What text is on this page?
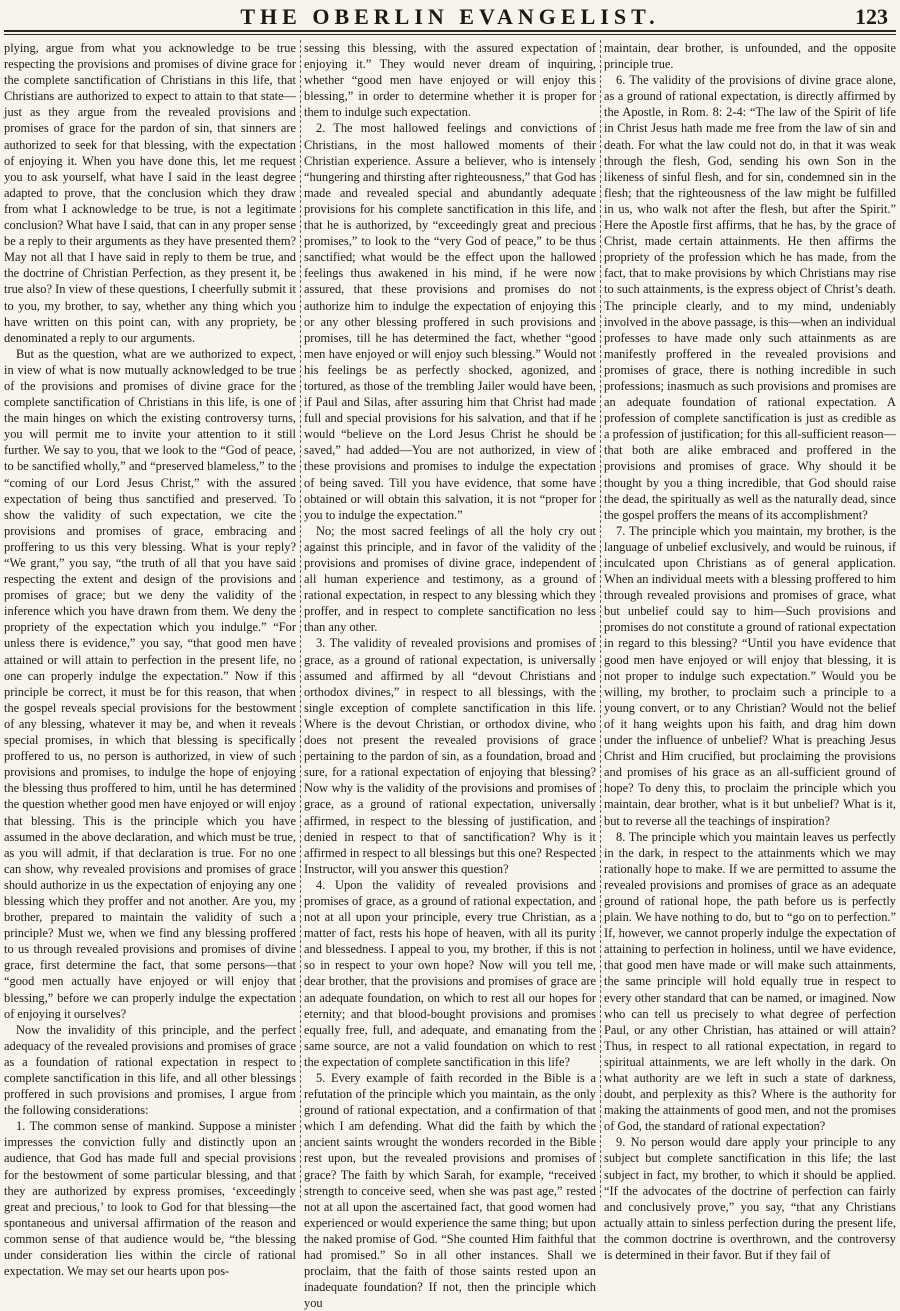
THE OBERLIN EVANGELIST.	123

plying, argue from what you acknowledge to be true respecting the provisions and promises of divine grace for the complete sanctification of Christians in this life, that Christians are authorized to expect to attain to that state—just as they argue from the revealed provisions and promises of grace for the pardon of sin, that sinners are authorized to seek for that blessing, with the expectation of enjoying it. When you have done this, let me request you to ask yourself, what have I said in the least degree adapted to prove, that the conclusion which they draw from what I acknowledge to be true, is not a legitimate conclusion? What have I said, that can in any proper sense be a reply to their arguments as they have presented them? May not all that I have said in reply to them be true, and the doctrine of Christian Perfection, as they present it, be true also? In view of these questions, I cheerfully submit it to you, my brother, to say, whether any thing which you have written on this point can, with any propriety, be denominated a reply to our arguments.

But as the question, what are we authorized to expect, in view of what is now mutually acknowledged to be true of the provisions and promises of divine grace for the complete sanctification of Christians in this life, is one of the main hinges on which the existing controversy turns, you will permit me to invite your attention to it still further. We say to you, that we look to the “God of peace, to be sanctified wholly,” and “preserved blameless,” to the “coming of our Lord Jesus Christ,” with the assured expectation of being thus sanctified and preserved. To show the validity of such expectation, we cite the provisions and promises of grace, embracing and proffering to us this very blessing. What is your reply? “We grant,” you say, “the truth of all that you have said respecting the extent and design of the provisions and promises of grace; but we deny the validity of the inference which you have drawn from them. We deny the propriety of the expectation which you indulge.” “For unless there is evidence,” you say, “that good men have attained or will attain to perfection in the present life, no one can properly indulge the expectation.” Now if this principle be correct, it must be for this reason, that when the gospel reveals special provisions for the bestowment of any blessing, whatever it may be, and when it reveals special promises, in which that blessing is specifically proffered to us, no person is authorized, in view of such provisions and promises, to indulge the hope of enjoying the blessing thus proffered to him, until he has determined the question whether good men have enjoyed or will enjoy that blessing. This is the principle which you have assumed in the above declaration, and which must be true, as you will admit, if that declaration is true. For no one can show, why revealed provisions and promises of grace should authorize in us the expectation of enjoying any one blessing which they proffer and not another. Are you, my brother, prepared to maintain the validity of such a principle? Must we, when we find any blessing proffered to us through revealed provisions and promises of divine grace, first determine the fact, that some persons—that “good men actually have enjoyed or will enjoy that blessing,” before we can properly indulge the expectation of enjoying it ourselves?

Now the invalidity of this principle, and the perfect adequacy of the revealed provisions and promises of grace as a foundation of rational expectation in respect to complete sanctification in this life, and all other blessings proffered in such provisions and promises, I argue from the following considerations:

1. The common sense of mankind. Suppose a minister impresses the conviction fully and distinctly upon an audience, that God has made full and special provisions for the bestowment of some particular blessing, and that they are authorized by express promises, ‘exceedingly great and precious,’ to look to God for that blessing—the spontaneous and universal affirmation of the reason and common sense of that audience would be, “the blessing under consideration lies within the circle of rational expectation. We may set our hearts upon pos-

sessing this blessing, with the assured expectation of enjoying it.” They would never dream of inquiring, whether “good men have enjoyed or will enjoy this blessing,” in order to determine whether it is proper for them to indulge such expectation.

2. The most hallowed feelings and convictions of Christians, in the most hallowed moments of their Christian experience. Assure a believer, who is intensely “hungering and thirsting after righteousness,” that God has made and revealed special and abundantly adequate provisions for his complete sanctification in this life, and that he is authorized, by “exceedingly great and precious promises,” to look to the “very God of peace,” to be thus sanctified; what would be the effect upon the hallowed feelings thus awakened in his mind, if he were now assured, that these provisions and promises do not authorize him to indulge the expectation of enjoying this or any other blessing proffered in such provisions and promises, till he has determined the fact, whether “good men have enjoyed or will enjoy such blessing.” Would not his feelings be as perfectly shocked, agonized, and tortured, as those of the trembling Jailer would have been, if Paul and Silas, after assuring him that Christ had made full and special provisions for his salvation, and that if he would “believe on the Lord Jesus Christ he should be saved,” had added—You are not authorized, in view of these provisions and promises to indulge the expectation of being saved. Till you have evidence, that some have obtained or will obtain this salvation, it is not “proper for you to indulge the expectation.”

No; the most sacred feelings of all the holy cry out against this principle, and in favor of the validity of the provisions and promises of divine grace, independent of all human experience and testimony, as a ground of rational expectation, in respect to any blessing which they proffer, and in respect to complete sanctification no less than any other.

3. The validity of revealed provisions and promises of grace, as a ground of rational expectation, is universally assumed and affirmed by all “devout Christians and orthodox divines,” in respect to all blessings, with the single exception of complete sanctification in this life. Where is the devout Christian, or orthodox divine, who does not present the revealed provisions of grace pertaining to the pardon of sin, as a foundation, broad and sure, for a rational expectation of enjoying that blessing? Now why is the validity of the provisions and promises of grace, as a ground of rational expectation, universally affirmed, in respect to the blessing of justification, and denied in respect to that of sanctification? Why is it affirmed in respect to all blessings but this one? Respected Instructor, will you answer this question?

4. Upon the validity of revealed provisions and promises of grace, as a ground of rational expectation, and not at all upon your principle, every true Christian, as a matter of fact, rests his hope of heaven, with all its purity and blessedness. I appeal to you, my brother, if this is not so in respect to your own hope? Now will you tell me, dear brother, that the provisions and promises of grace are an adequate foundation, on which to rest all our hopes for eternity; and that blood-bought provisions and promises equally free, full, and adequate, and emanating from the same source, are not a valid foundation on which to rest the expectation of complete sanctification in this life?

5. Every example of faith recorded in the Bible is a refutation of the principle which you maintain, as the only ground of rational expectation, and a confirmation of that which I am defending. What did the faith by which the ancient saints wrought the wonders recorded in the Bible rest upon, but the revealed provisions and promises of grace? The faith by which Sarah, for example, “received strength to conceive seed, when she was past age,” rested not at all upon the ascertained fact, that good women had experienced or would experience the same thing; but upon the naked promise of God. “She counted Him faithful that had promised.” So in all other instances. Shall we proclaim, that the faith of those saints rested upon an inadequate foundation? If not, then the principle which you

maintain, dear brother, is unfounded, and the opposite principle true.

6. The validity of the provisions of divine grace alone, as a ground of rational expectation, is directly affirmed by the Apostle, in Rom. 8: 2-4: “The law of the Spirit of life in Christ Jesus hath made me free from the law of sin and death. For what the law could not do, in that it was weak through the flesh, God, sending his own Son in the likeness of sinful flesh, and for sin, condemned sin in the flesh; that the righteousness of the law might be fulfilled in us, who walk not after the flesh, but after the Spirit.” Here the Apostle first affirms, that he has, by the grace of Christ, made certain attainments. He then affirms the propriety of the profession which he has made, from the fact, that to make provisions by which Christians may rise to such attainments, is the express object of Christ’s death. The principle clearly, and to my mind, undeniably involved in the above passage, is this—when an individual professes to have made only such attainments as are manifestly proffered in the revealed provisions and promises of grace, there is nothing incredible in such professions; inasmuch as such provisions and promises are an adequate foundation of rational expectation. A profession of complete sanctification is just as credible as a profession of justification; for this all-sufficient reason—that both are alike embraced and proffered in the provisions and promises of grace. Why should it be thought by you a thing incredible, that God should raise the dead, the spiritually as well as the naturally dead, since the gospel proffers the means of its accomplishment?

7. The principle which you maintain, my brother, is the language of unbelief exclusively, and would be ruinous, if inculcated upon Christians as of general application. When an individual meets with a blessing proffered to him through revealed provisions and promises of grace, what but unbelief could say to him—Such provisions and promises do not constitute a ground of rational expectation in regard to this blessing? “Until you have evidence that good men have enjoyed or will enjoy that blessing, it is not proper to indulge such expectation.” Would you be willing, my brother, to proclaim such a principle to a young convert, or to any Christian? Would not the belief of it hang weights upon his faith, and drag him down under the influence of unbelief? What is preaching Jesus Christ and Him crucified, but proclaiming the provisions and promises of his grace as an all-sufficient ground of hope? To deny this, to proclaim the principle which you maintain, dear brother, what is it but unbelief? What is it, but to reverse all the teachings of inspiration?

8. The principle which you maintain leaves us perfectly in the dark, in respect to the attainments which we may rationally hope to make. If we are permitted to assume the revealed provisions and promises of grace as an adequate ground of rational hope, the path before us is perfectly plain. We have nothing to do, but to “go on to perfection.” If, however, we cannot properly indulge the expectation of attaining to perfection in holiness, until we have evidence, that good men have made or will make such attainments, the same principle will hold equally true in respect to every other standard that can be named, or imagined. Now who can tell us precisely to what degree of perfection Paul, or any other Christian, has attained or will attain? Thus, in respect to all rational expectation, in regard to spiritual attainments, we are left wholly in the dark. On what authority are we left in such a state of darkness, doubt, and perplexity as this? Where is the authority for making the attainments of good men, and not the promises of God, the standard of rational expectation?

9. No person would dare apply your principle to any subject but complete sanctification in this life; the last subject in fact, my brother, to which it should be applied. “If the advocates of the doctrine of perfection can fairly and conclusively prove,” you say, “that any Christians actually attain to sinless perfection during the present life, the common doctrine is overthrown, and the controversy is determined in their favor. But if they fail of
